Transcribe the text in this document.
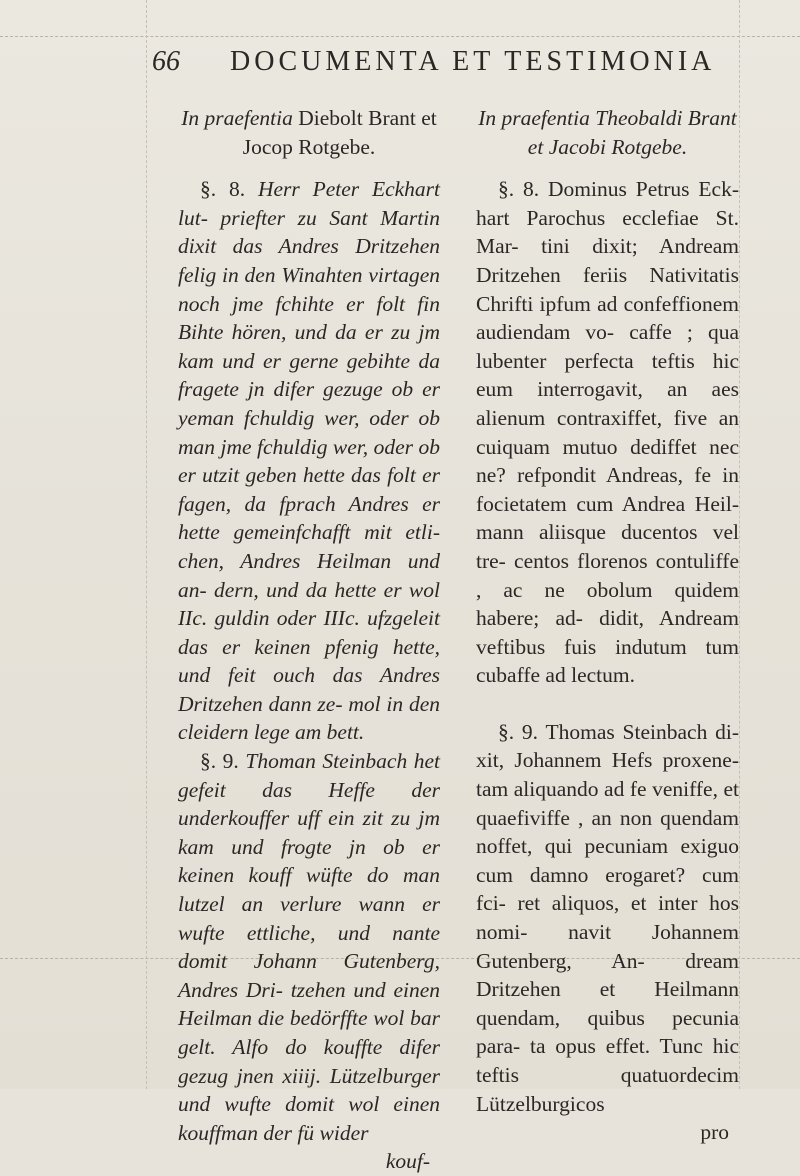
66 DOCUMENTA ET TESTIMONIA

In praefentia Diebolt Brant et Jocop Rotgebe.

§. 8. Herr Peter Eckhart lut- priefter zu Sant Martin dixit das Andres Dritzehen felig in den Winahten virtagen noch jme fchihte er folt fin Bihte hören, und da er zu jm kam und er gerne gebihte da fragete jn difer gezuge ob er yeman fchuldig wer, oder ob man jme fchuldig wer, oder ob er utzit geben hette das folt er fagen, da fprach Andres er hette gemeinfchafft mit etli- chen, Andres Heilman und an- dern, und da hette er wol IIc. guldin oder IIIc. ufzgeleit das er keinen pfenig hette, und feit ouch das Andres Dritzehen dann ze- mol in den cleidern lege am bett.

§. 9. Thoman Steinbach het gefeit das Heffe der underkouffer uff ein zit zu jm kam und frogte jn ob er keinen kouff wüfte do man lutzel an verlure wann er wufte ettliche, und nante domit Johann Gutenberg, Andres Dri- tzehen und einen Heilman die bedörffte wol bar gelt. Alfo do kouffte difer gezug jnen xiiij. Lützelburger und wufte domit wol einen kouffman der fü wider

kouf-

In praefentia Theobaldi Brant et Jacobi Rotgebe.

§. 8. Dominus Petrus Eck- hart Parochus ecclefiae St. Mar- tini dixit; Andream Dritzehen feriis Nativitatis Chrifti ipfum ad confeffionem audiendam vo- caffe ; qua lubenter perfecta teftis hic eum interrogavit, an aes alienum contraxiffet, five an cuiquam mutuo dediffet nec ne? refpondit Andreas, fe in focietatem cum Andrea Heil- mann aliisque ducentos vel tre- centos florenos contuliffe , ac ne obolum quidem habere; ad- didit, Andream veftibus fuis indutum tum cubaffe ad lectum.

§. 9. Thomas Steinbach di- xit, Johannem Hefs proxene- tam aliquando ad fe veniffe, et quaefiviffe , an non quendam noffet, qui pecuniam exiguo cum damno erogaret? cum fci- ret aliquos, et inter hos nomi- navit Johannem Gutenberg, An- dream Dritzehen et Heilmann quendam, quibus pecunia para- ta opus effet. Tunc hic teftis quatuordecim Lützelburgicos

pro
